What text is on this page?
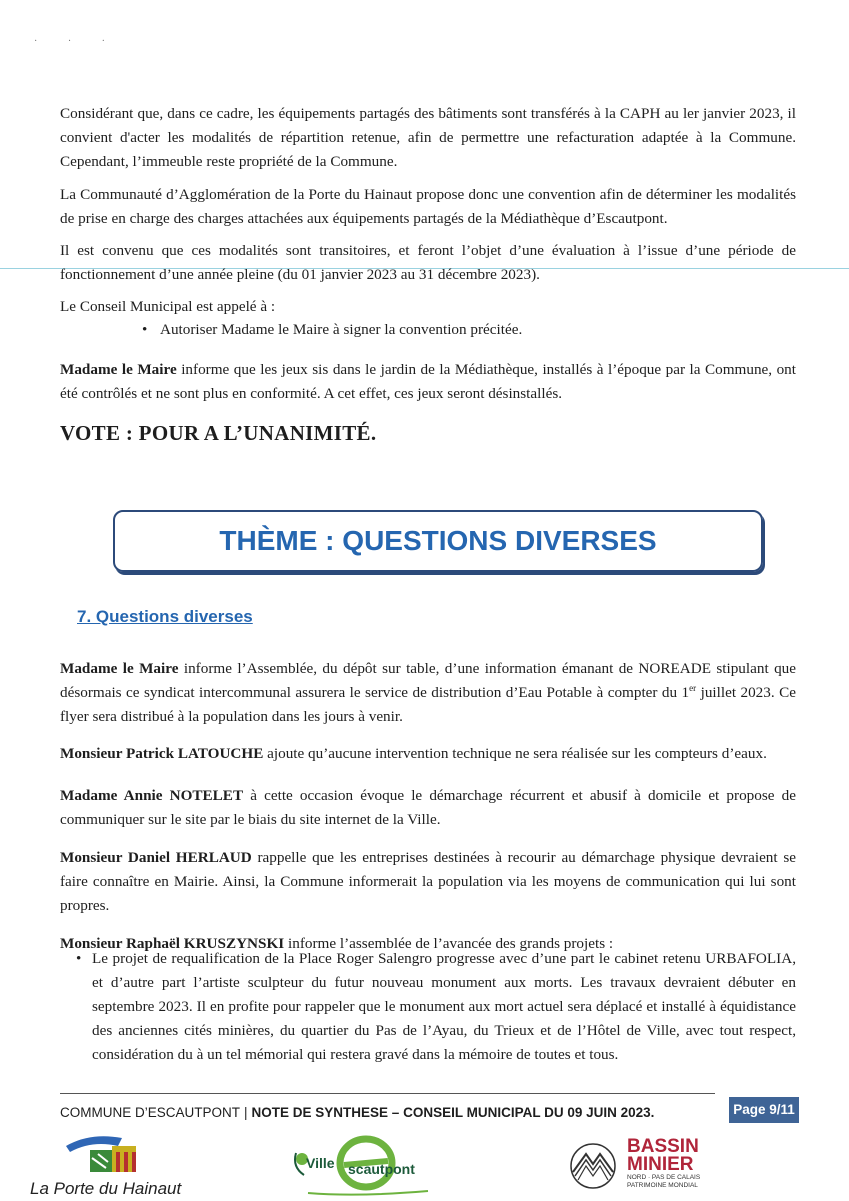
· · ·

Considérant que, dans ce cadre, les équipements partagés des bâtiments sont transférés à la CAPH au ler janvier 2023, il convient d'acter les modalités de répartition retenue, afin de permettre une refacturation adaptée à la Commune. Cependant, l’immeuble reste propriété de la Commune.

La Communauté d’Agglomération de la Porte du Hainaut propose donc une convention afin de déterminer les modalités de prise en charge des charges attachées aux équipements partagés de la Médiathèque d’Escautpont.

Il est convenu que ces modalités sont transitoires, et feront l’objet d’une évaluation à l’issue d’une période de fonctionnement d’une année pleine (du 01 janvier 2023 au 31 décembre 2023).

Le Conseil Municipal est appelé à :

• Autoriser Madame le Maire à signer la convention précitée.

Madame le Maire informe que les jeux sis dans le jardin de la Médiathèque, installés à l’époque par la Commune, ont été contrôlés et ne sont plus en conformité. A cet effet, ces jeux seront désinstallés.

VOTE : POUR A L’UNANIMITÉ.

THÈME : QUESTIONS DIVERSES

7. Questions diverses

Madame le Maire informe l’Assemblée, du dépôt sur table, d’une information émanant de NOREADE stipulant que désormais ce syndicat intercommunal assurera le service de distribution d’Eau Potable à compter du 1er juillet 2023. Ce flyer sera distribué à la population dans les jours à venir.

Monsieur Patrick LATOUCHE ajoute qu’aucune intervention technique ne sera réalisée sur les compteurs d’eaux.

Madame Annie NOTELET à cette occasion évoque le démarchage récurrent et abusif à domicile et propose de communiquer sur le site par le biais du site internet de la Ville.

Monsieur Daniel HERLAUD rappelle que les entreprises destinées à recourir au démarchage physique devraient se faire connaître en Mairie. Ainsi, la Commune informerait la population via les moyens de communication qui lui sont propres.

Monsieur Raphaël KRUSZYNSKI informe l’assemblée de l’avancée des grands projets :

• Le projet de requalification de la Place Roger Salengro progresse avec d’une part le cabinet retenu URBAFOLIA, et d’autre part l’artiste sculpteur du futur nouveau monument aux morts. Les travaux devraient débuter en septembre 2023. Il en profite pour rappeler que le monument aux mort actuel sera déplacé et installé à équidistance des anciennes cités minières, du quartier du Pas de l’Ayau, du Trieux et de l’Hôtel de Ville, avec tout respect, considération du à un tel mémorial qui restera gravé dans la mémoire de toutes et tous.
COMMUNE D’ESCAUTPONT | NOTE DE SYNTHESE – CONSEIL MUNICIPAL DU 09 JUIN 2023.	Page 9/11
La Porte du Hainaut
Ville scautpont
BASSIN
MINIER
NORD · PAS DE CALAIS
PATRIMOINE MONDIAL
